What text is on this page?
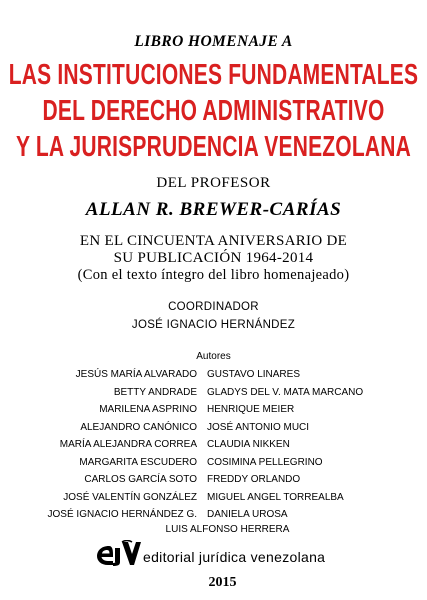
LIBRO HOMENAJE A
LAS INSTITUCIONES FUNDAMENTALES
DEL DERECHO ADMINISTRATIVO
Y LA JURISPRUDENCIA VENEZOLANA
DEL PROFESOR
ALLAN R. BREWER-CARÍAS
EN EL CINCUENTA ANIVERSARIO DE
SU PUBLICACIÓN 1964-2014
(Con el texto íntegro del libro homenajeado)
COORDINADOR
JOSÉ IGNACIO HERNÁNDEZ
Autores
JESÚS MARÍA ALVARADO	GUSTAVO LINARES
BETTY ANDRADE	GLADYS DEL V. MATA MARCANO
MARILENA ASPRINO	HENRIQUE MEIER
ALEJANDRO CANÓNICO	JOSÉ ANTONIO MUCI
MARÍA ALEJANDRA CORREA	CLAUDIA NIKKEN
MARGARITA ESCUDERO	COSIMINA PELLEGRINO
CARLOS GARCÍA SOTO	FREDDY ORLANDO
JOSÉ VALENTÍN GONZÁLEZ	MIGUEL ANGEL TORREALBA
JOSÉ IGNACIO HERNÁNDEZ G.	DANIELA UROSA
LUIS ALFONSO HERRERA
editorial jurídica venezolana
2015
